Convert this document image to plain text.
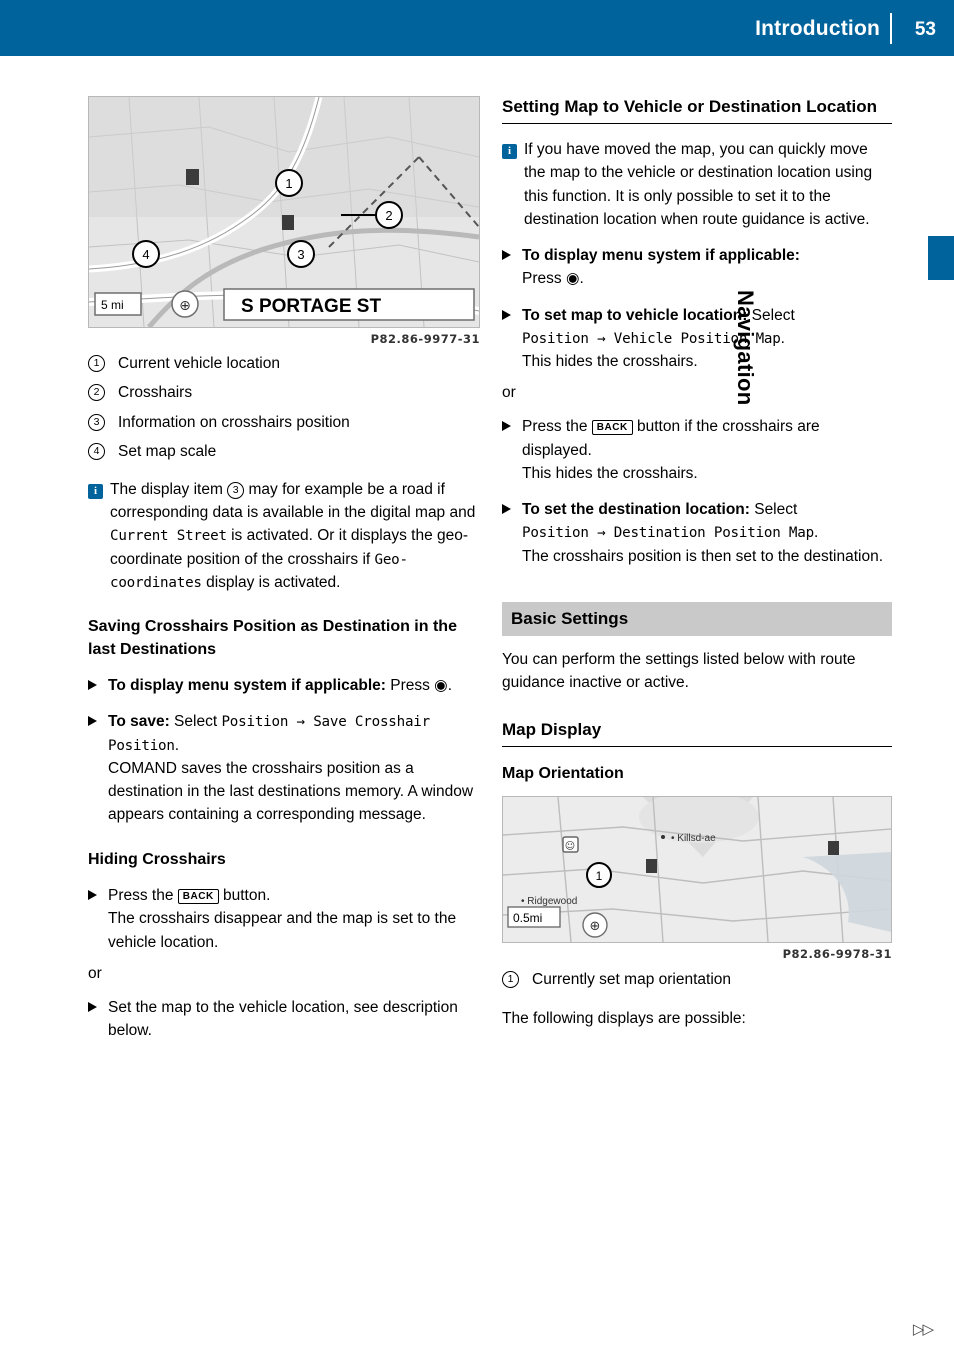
Introduction 53
Navigation
1
2
3
4
5 mi	⊕	S PORTAGE ST
P82.86-9977-31
1	Current vehicle location
2	Crosshairs
3	Information on crosshairs position
4	Set map scale
i The display item 3 may for example be a road if corresponding data is available in the digital map and Current Street is activated. Or it displays the geo-coordinate position of the crosshairs if Geo-coordinates display is activated.
Saving Crosshairs Position as Destination in the last Destinations
To display menu system if applicable: Press ◉.
To save: Select Position → Save Crosshair Position.
COMAND saves the crosshairs position as a destination in the last destinations memory. A window appears containing a corresponding message.
Hiding Crosshairs
Press the BACK button.
The crosshairs disappear and the map is set to the vehicle location.
or
Set the map to the vehicle location, see description below.
Setting Map to Vehicle or Destination Location
i If you have moved the map, you can quickly move the map to the vehicle or destination location using this function. It is only possible to set it to the destination location when route guidance is active.
To display menu system if applicable:
Press ◉.
To set map to vehicle location: Select
Position → Vehicle Position Map.
This hides the crosshairs.
or
Press the BACK button if the crosshairs are displayed.
This hides the crosshairs.
To set the destination location: Select
Position → Destination Position Map.
The crosshairs position is then set to the destination.
Basic Settings

You can perform the settings listed below with route guidance inactive or active.

Map Display
Map Orientation
☺
• Killsd-ae
• Ridgewood
1
0.5mi
⊕
P82.86-9978-31
1	Currently set map orientation

The following displays are possible:

▷▷
